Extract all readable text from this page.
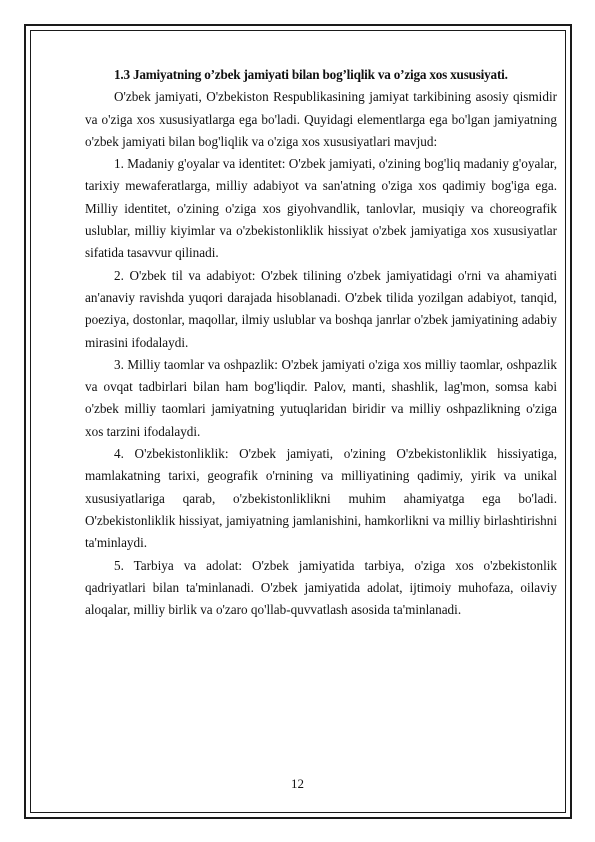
1.3 Jamiyatning o’zbek jamiyati bilan bog’liqlik va o’ziga xos xususiyati.

O'zbek jamiyati, O'zbekiston Respublikasining jamiyat tarkibining asosiy qismidir va o'ziga xos xususiyatlarga ega bo'ladi. Quyidagi elementlarga ega bo'lgan jamiyatning o'zbek jamiyati bilan bog'liqlik va o'ziga xos xususiyatlari mavjud:

1. Madaniy g'oyalar va identitet: O'zbek jamiyati, o'zining bog'liq madaniy g'oyalar, tarixiy mewaferatlarga, milliy adabiyot va san'atning o'ziga xos qadimiy bog'iga ega. Milliy identitet, o'zining o'ziga xos giyohvandlik, tanlovlar, musiqiy va choreografik uslublar, milliy kiyimlar va o'zbekistonliklik hissiyat o'zbek jamiyatiga xos xususiyatlar sifatida tasavvur qilinadi.

2. O'zbek til va adabiyot: O'zbek tilining o'zbek jamiyatidagi o'rni va ahamiyati an'anaviy ravishda yuqori darajada hisoblanadi. O'zbek tilida yozilgan adabiyot, tanqid, poeziya, dostonlar, maqollar, ilmiy uslublar va boshqa janrlar o'zbek jamiyatining adabiy mirasini ifodalaydi.

3. Milliy taomlar va oshpazlik: O'zbek jamiyati o'ziga xos milliy taomlar, oshpazlik va ovqat tadbirlari bilan ham bog'liqdir. Palov, manti, shashlik, lag'mon, somsa kabi o'zbek milliy taomlari jamiyatning yutuqlaridan biridir va milliy oshpazlikning o'ziga xos tarzini ifodalaydi.

4. O'zbekistonliklik: O'zbek jamiyati, o'zining O'zbekistonliklik hissiyatiga, mamlakatning tarixi, geografik o'rnining va milliyatining qadimiy, yirik va unikal xususiyatlariga qarab, o'zbekistonliklikni muhim ahamiyatga ega bo'ladi. O'zbekistonliklik hissiyat, jamiyatning jamlanishini, hamkorlikni va milliy birlashtirishni ta'minlaydi.

5. Tarbiya va adolat: O'zbek jamiyatida tarbiya, o'ziga xos o'zbekistonlik qadriyatlari bilan ta'minlanadi. O'zbek jamiyatida adolat, ijtimoiy muhofaza, oilaviy aloqalar, milliy birlik va o'zaro qo'llab-quvvatlash asosida ta'minlanadi.

12
